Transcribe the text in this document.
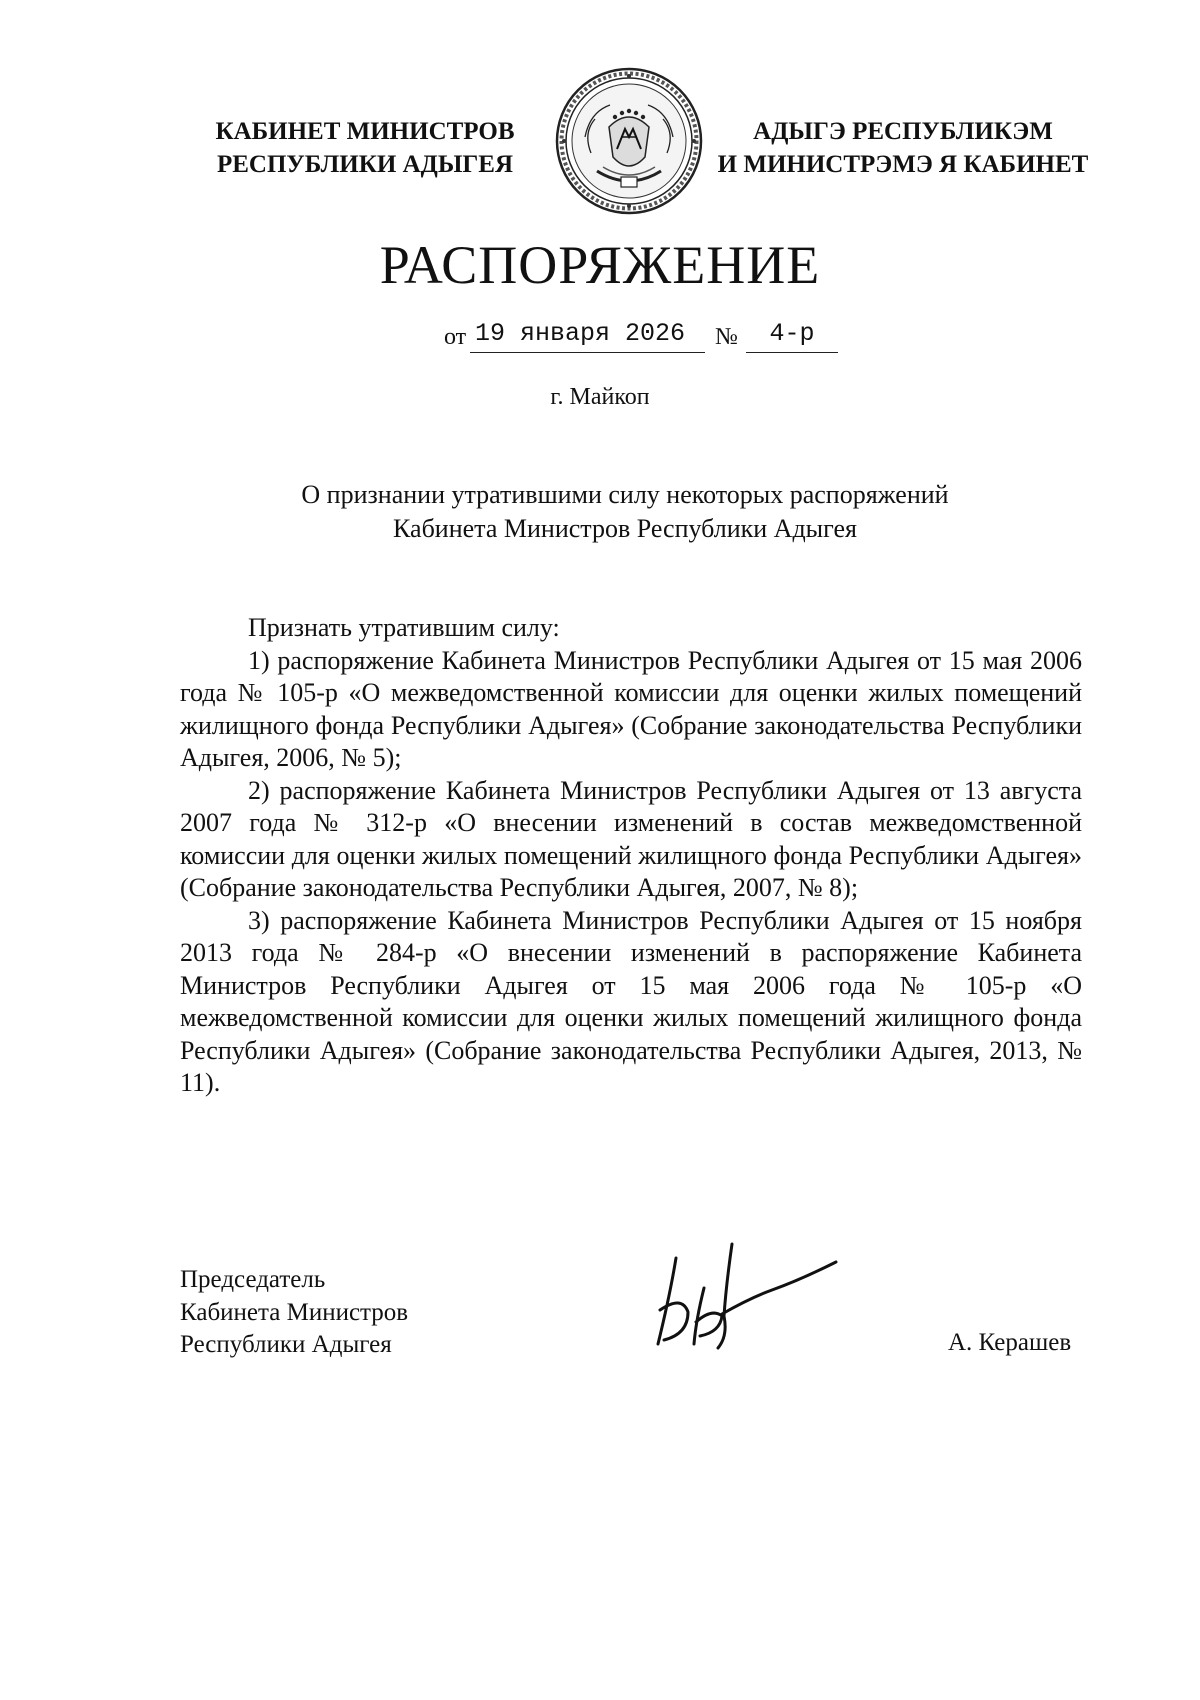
КАБИНЕТ МИНИСТРОВ
РЕСПУБЛИКИ АДЫГЕЯ
АДЫГЭ РЕСПУБЛИКЭМ
И МИНИСТРЭМЭ Я КАБИНЕТ
РАСПОРЯЖЕНИЕ
от 19 января 2026 №	4-р
г. Майкоп
О признании утратившими силу некоторых распоряжений
Кабинета Министров Республики Адыгея

Признать утратившим силу:

1) распоряжение Кабинета Министров Республики Адыгея от 15 мая 2006 года № 105-р «О межведомственной комиссии для оценки жилых помещений жилищного фонда Республики Адыгея» (Собрание законодательства Республики Адыгея, 2006, № 5);

2) распоряжение Кабинета Министров Республики Адыгея от 13 августа 2007 года № 312-р «О внесении изменений в состав межведомственной комиссии для оценки жилых помещений жилищного фонда Республики Адыгея» (Собрание законодательства Республики Адыгея, 2007, № 8);

3) распоряжение Кабинета Министров Республики Адыгея от 15 ноября 2013 года № 284-р «О внесении изменений в распоряжение Кабинета Министров Республики Адыгея от 15 мая 2006 года № 105-р «О межведомственной комиссии для оценки жилых помещений жилищного фонда Республики Адыгея» (Собрание законодательства Республики Адыгея, 2013, № 11).

Председатель
Кабинета Министров
Республики Адыгея	А. Керашев
